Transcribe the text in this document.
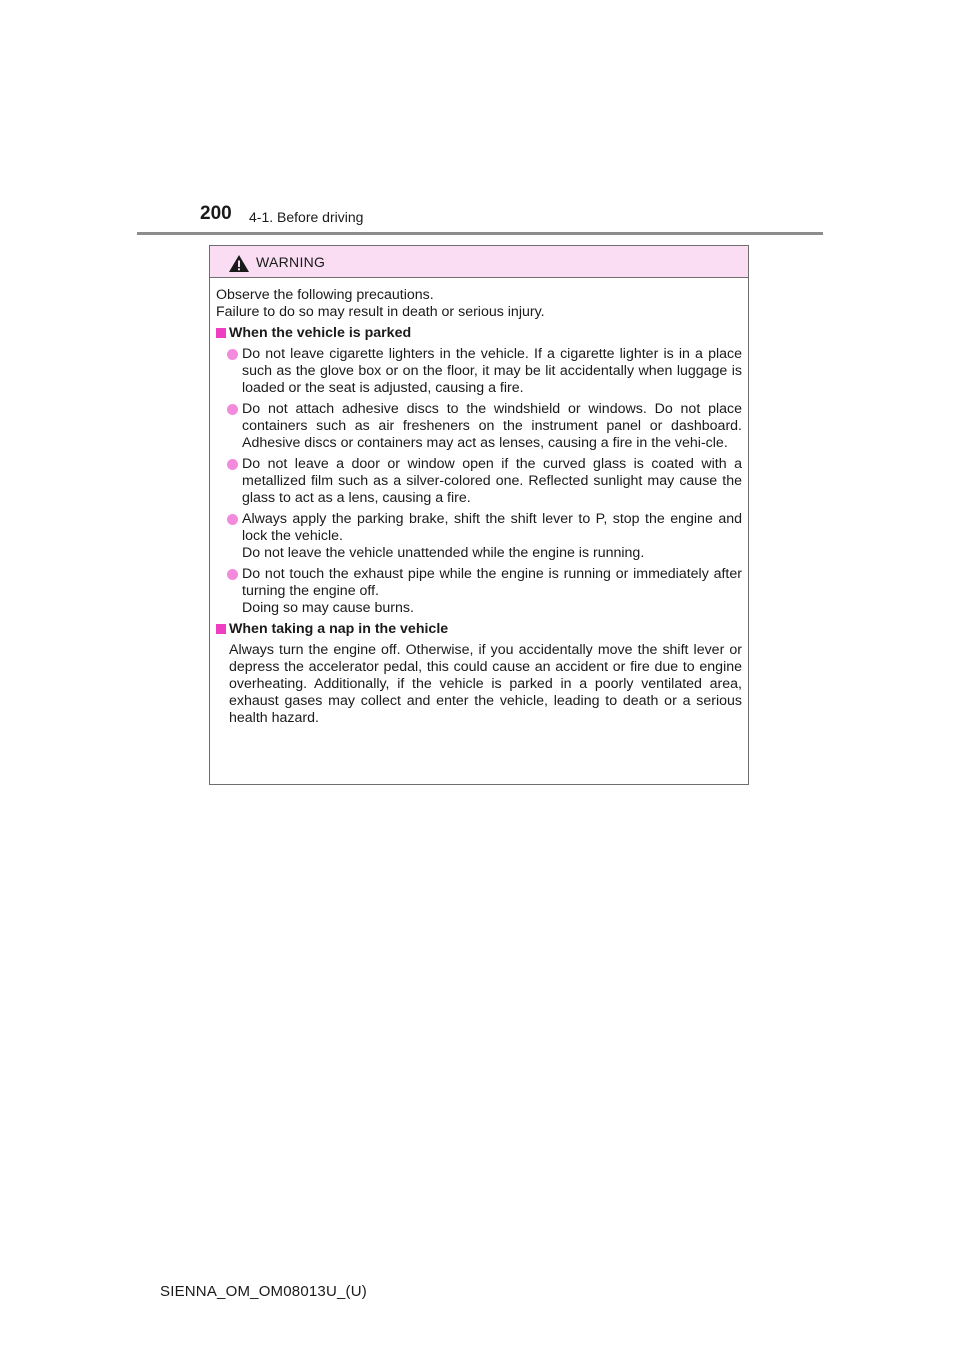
200 4-1. Before driving
WARNING

Observe the following precautions.

Failure to do so may result in death or serious injury.

When the vehicle is parked
Do not leave cigarette lighters in the vehicle. If a cigarette lighter is in a place such as the glove box or on the floor, it may be lit accidentally when luggage is loaded or the seat is adjusted, causing a fire.
Do not attach adhesive discs to the windshield or windows. Do not place containers such as air fresheners on the instrument panel or dashboard. Adhesive discs or containers may act as lenses, causing a fire in the vehi-cle.
Do not leave a door or window open if the curved glass is coated with a metallized film such as a silver-colored one. Reflected sunlight may cause the glass to act as a lens, causing a fire.
Always apply the parking brake, shift the shift lever to P, stop the engine and lock the vehicle.
Do not leave the vehicle unattended while the engine is running.
Do not touch the exhaust pipe while the engine is running or immediately after turning the engine off.
Doing so may cause burns.
When taking a nap in the vehicle
Always turn the engine off. Otherwise, if you accidentally move the shift lever or depress the accelerator pedal, this could cause an accident or fire due to engine overheating. Additionally, if the vehicle is parked in a poorly ventilated area, exhaust gases may collect and enter the vehicle, leading to death or a serious health hazard.
SIENNA_OM_OM08013U_(U)
